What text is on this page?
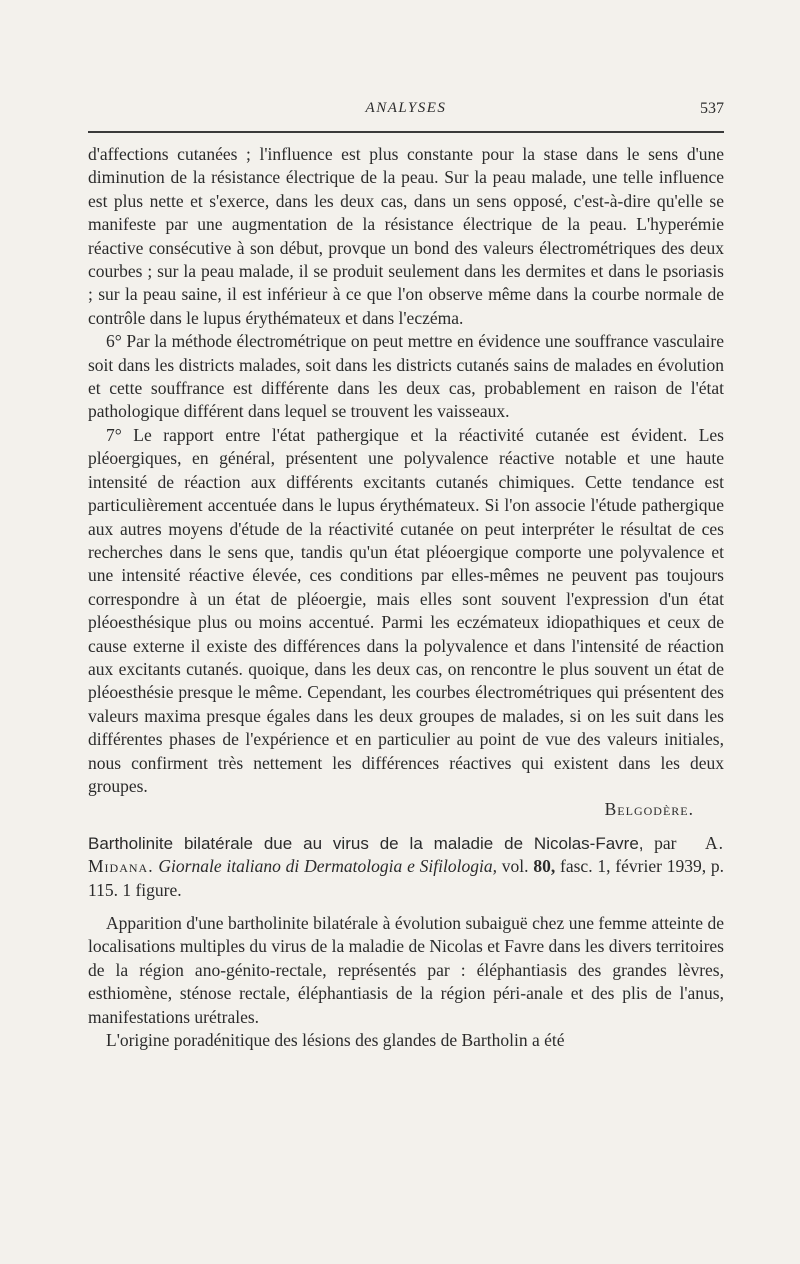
ANALYSES	537

d'affections cutanées ; l'influence est plus constante pour la stase dans le sens d'une diminution de la résistance électrique de la peau. Sur la peau malade, une telle influence est plus nette et s'exerce, dans les deux cas, dans un sens opposé, c'est-à-dire qu'elle se manifeste par une augmentation de la résistance électrique de la peau. L'hyperémie réactive consécutive à son début, provque un bond des valeurs électrométriques des deux courbes ; sur la peau malade, il se produit seulement dans les dermites et dans le psoriasis ; sur la peau saine, il est inférieur à ce que l'on observe même dans la courbe normale de contrôle dans le lupus érythémateux et dans l'eczéma.

6° Par la méthode électrométrique on peut mettre en évidence une souffrance vasculaire soit dans les districts malades, soit dans les districts cutanés sains de malades en évolution et cette souffrance est différente dans les deux cas, probablement en raison de l'état pathologique différent dans lequel se trouvent les vaisseaux.

7° Le rapport entre l'état pathergique et la réactivité cutanée est évident. Les pléoergiques, en général, présentent une polyvalence réactive notable et une haute intensité de réaction aux différents excitants cutanés chimiques. Cette tendance est particulièrement accentuée dans le lupus érythémateux. Si l'on associe l'étude pathergique aux autres moyens d'étude de la réactivité cutanée on peut interpréter le résultat de ces recherches dans le sens que, tandis qu'un état pléoergique comporte une polyvalence et une intensité réactive élevée, ces conditions par elles-mêmes ne peuvent pas toujours correspondre à un état de pléoergie, mais elles sont souvent l'expression d'un état pléoesthésique plus ou moins accentué. Parmi les eczémateux idiopathiques et ceux de cause externe il existe des différences dans la polyvalence et dans l'intensité de réaction aux excitants cutanés. quoique, dans les deux cas, on rencontre le plus souvent un état de pléoesthésie presque le même. Cependant, les courbes électrométriques qui présentent des valeurs maxima presque égales dans les deux groupes de malades, si on les suit dans les différentes phases de l'expérience et en particulier au point de vue des valeurs initiales, nous confirment très nettement les différences réactives qui existent dans les deux groupes.

Belgodère.

Bartholinite bilatérale due au virus de la maladie de Nicolas-Favre, par A. Midana. Giornale italiano di Dermatologia e Sifilologia, vol. 80, fasc. 1, février 1939, p. 115. 1 figure.

Apparition d'une bartholinite bilatérale à évolution subaiguë chez une femme atteinte de localisations multiples du virus de la maladie de Nicolas et Favre dans les divers territoires de la région ano-génito-rectale, représentés par : éléphantiasis des grandes lèvres, esthiomène, sténose rectale, éléphantiasis de la région péri-anale et des plis de l'anus, manifestations urétrales.

L'origine poradénitique des lésions des glandes de Bartholin a été
